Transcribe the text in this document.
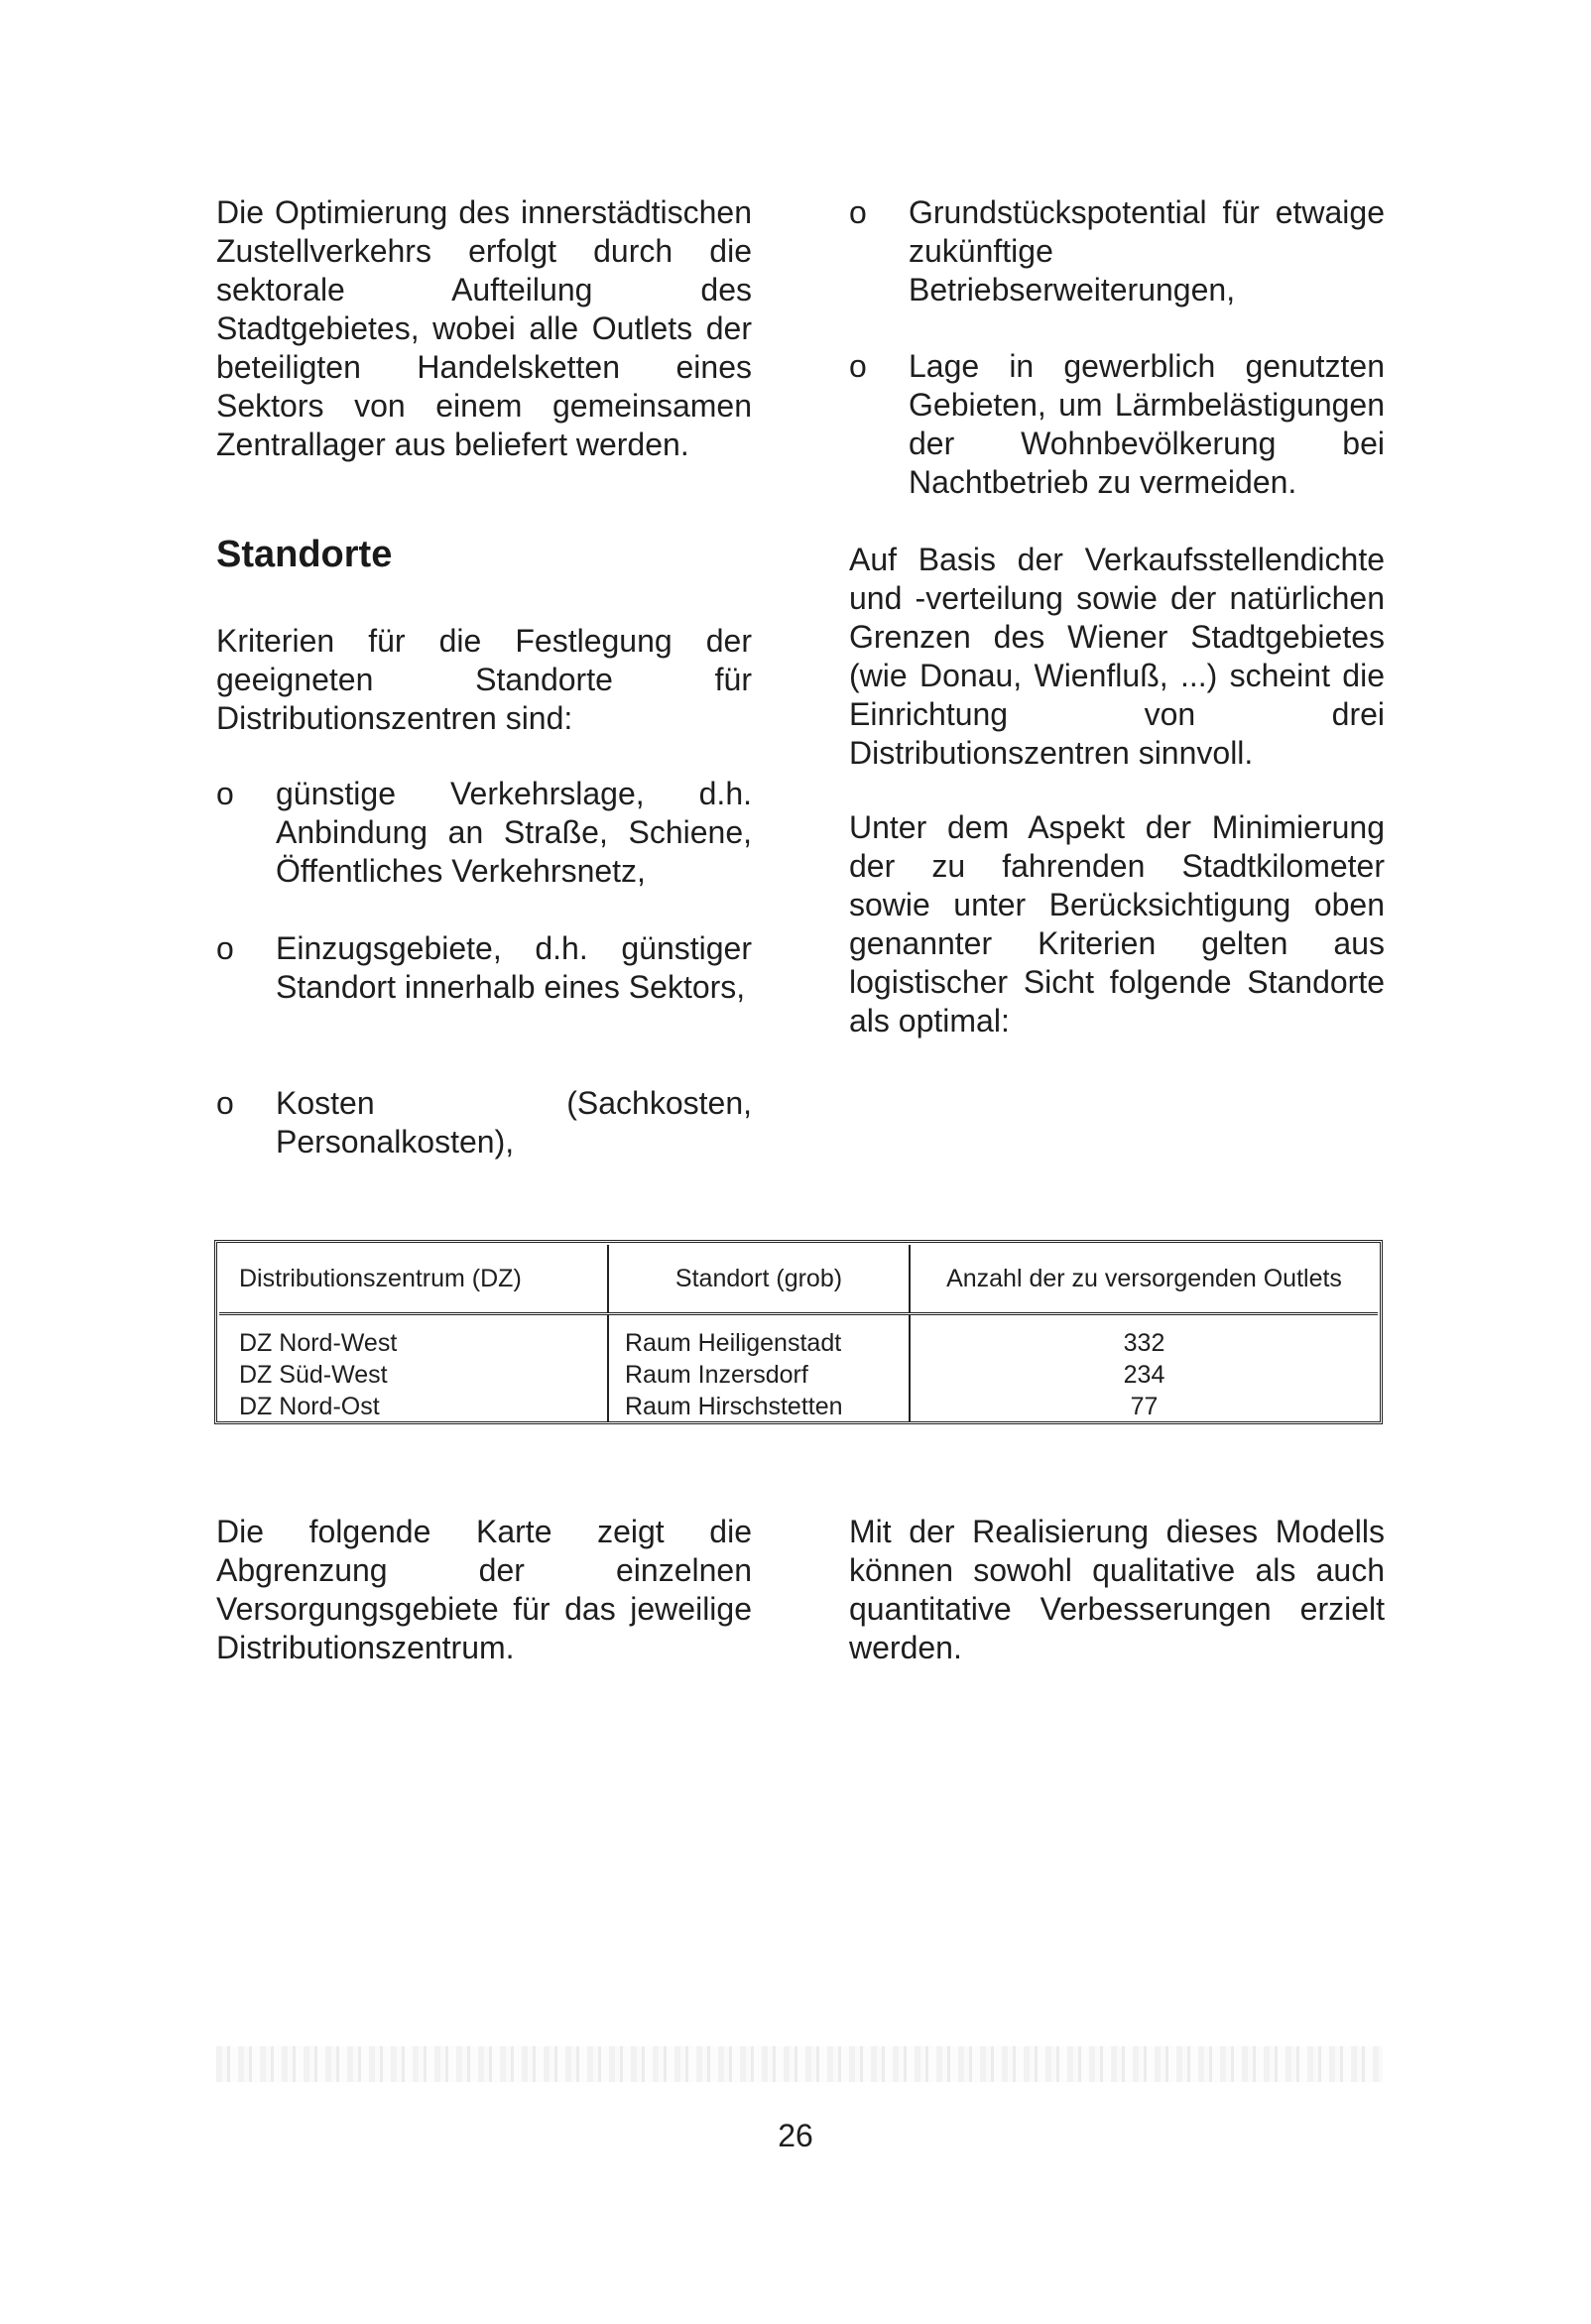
Die Optimierung des innerstädtischen Zustellverkehrs erfolgt durch die sektorale Aufteilung des Stadtgebietes, wobei alle Outlets der beteiligten Handelsketten eines Sektors von einem gemeinsamen Zentrallager aus beliefert werden.

Standorte

Kriterien für die Festlegung der geeigneten Standorte für Distributionszentren sind:

o	günstige Verkehrslage, d.h. Anbindung an Straße, Schiene, Öffentliches Verkehrsnetz,
o	Einzugsgebiete, d.h. günstiger Standort innerhalb eines Sektors,
o	Kosten (Sachkosten, Personalkosten),
o	Grundstückspotential für etwaige zukünftige Betriebserweiterungen,
o	Lage in gewerblich genutzten Gebieten, um Lärmbelästigungen der Wohnbevölkerung bei Nachtbetrieb zu vermeiden.

Auf Basis der Verkaufsstellendichte und -verteilung sowie der natürlichen Grenzen des Wiener Stadtgebietes (wie Donau, Wienfluß, ...) scheint die Einrichtung von drei Distributionszentren sinnvoll.

Unter dem Aspekt der Minimierung der zu fahrenden Stadtkilometer sowie unter Berücksichtigung oben genannter Kriterien gelten aus logistischer Sicht folgende Standorte als optimal:

Distributionszentrum (DZ)	Standort (grob)	Anzahl der zu versorgenden Outlets
DZ Nord-West	Raum Heiligenstadt	332
DZ Süd-West	Raum Inzersdorf	234
DZ Nord-Ost	Raum Hirschstetten	77

Die folgende Karte zeigt die Abgrenzung der einzelnen Versorgungsgebiete für das jeweilige Distributionszentrum.

Mit der Realisierung dieses Modells können sowohl qualitative als auch quantitative Verbesserungen erzielt werden.

26
